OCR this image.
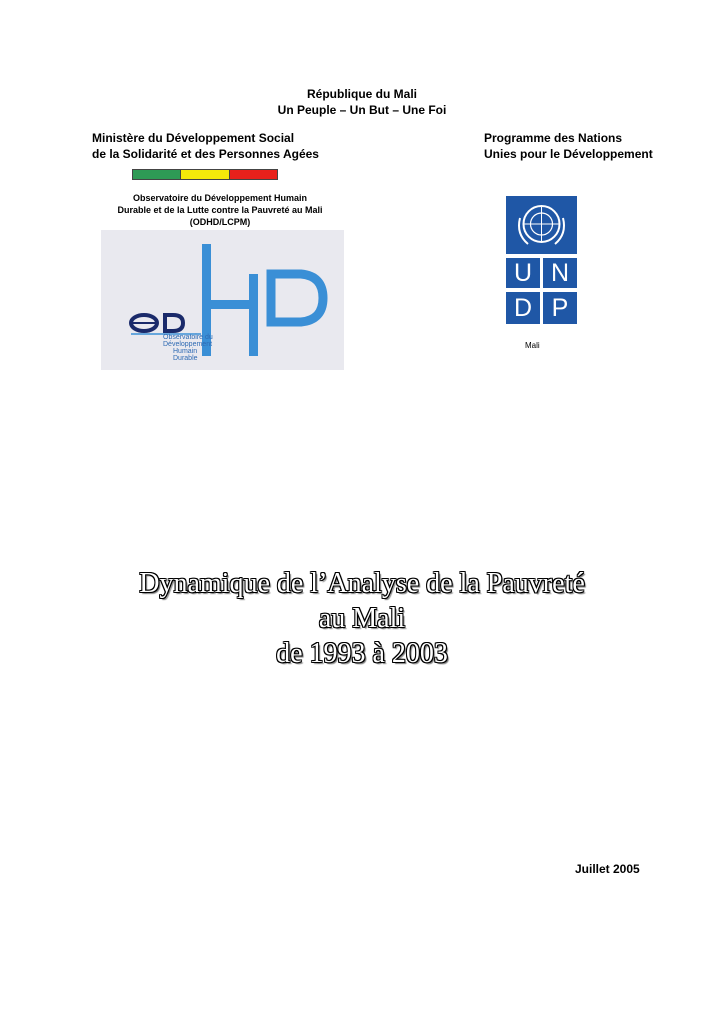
République du Mali
Un Peuple – Un But – Une Foi
Ministère du Développement Social
de la Solidarité et des Personnes Agées
Programme des Nations
Unies pour le Développement
Observatoire du Développement Humain
Durable et de la Lutte contre la Pauvreté au Mali
(ODHD/LCPM)
Observatoire du
Développement
Humain
Durable
U N
D P
Mali
Dynamique de l’Analyse de la Pauvreté
au Mali
de 1993 à 2003
Juillet 2005
